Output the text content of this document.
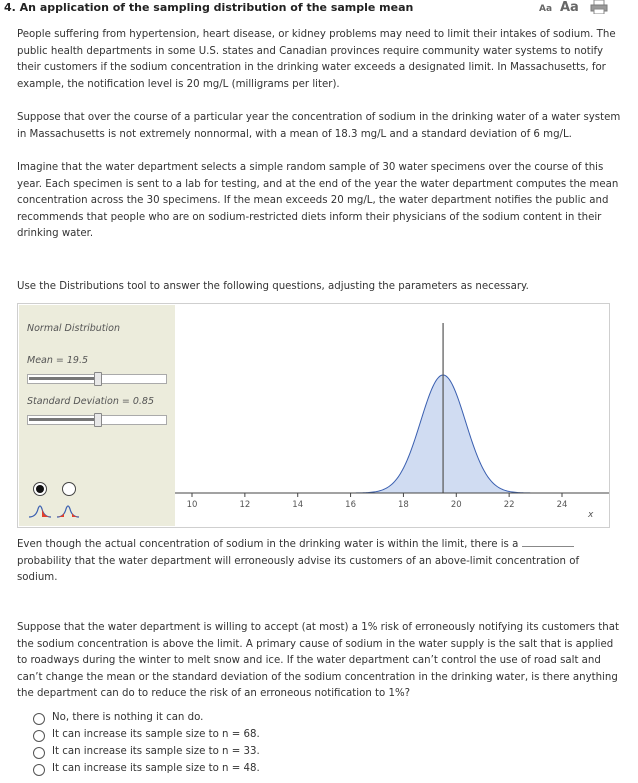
4. An application of the sampling distribution of the sample mean	Aa Aa

People suffering from hypertension, heart disease, or kidney problems may need to limit their intakes of sodium. The public health departments in some U.S. states and Canadian provinces require community water systems to notify their customers if the sodium concentration in the drinking water exceeds a designated limit. In Massachusetts, for example, the notification level is 20 mg/L (milligrams per liter).

Suppose that over the course of a particular year the concentration of sodium in the drinking water of a water system in Massachusetts is not extremely nonnormal, with a mean of 18.3 mg/L and a standard deviation of 6 mg/L.

Imagine that the water department selects a simple random sample of 30 water specimens over the course of this year. Each specimen is sent to a lab for testing, and at the end of the year the water department computes the mean concentration across the 30 specimens. If the mean exceeds 20 mg/L, the water department notifies the public and recommends that people who are on sodium-restricted diets inform their physicians of the sodium content in their drinking water.

Use the Distributions tool to answer the following questions, adjusting the parameters as necessary.

Normal Distribution
Mean = 19.5
Standard Deviation = 0.85
10	12	14	16	18	20	22	24
x

Even though the actual concentration of sodium in the drinking water is within the limit, there is a  probability that the water department will erroneously advise its customers of an above-limit concentration of sodium.

Suppose that the water department is willing to accept (at most) a 1% risk of erroneously notifying its customers that the sodium concentration is above the limit. A primary cause of sodium in the water supply is the salt that is applied to roadways during the winter to melt snow and ice. If the water department can’t control the use of road salt and can’t change the mean or the standard deviation of the sodium concentration in the drinking water, is there anything the department can do to reduce the risk of an erroneous notification to 1%?

No, there is nothing it can do.
It can increase its sample size to n = 68.
It can increase its sample size to n = 33.
It can increase its sample size to n = 48.
